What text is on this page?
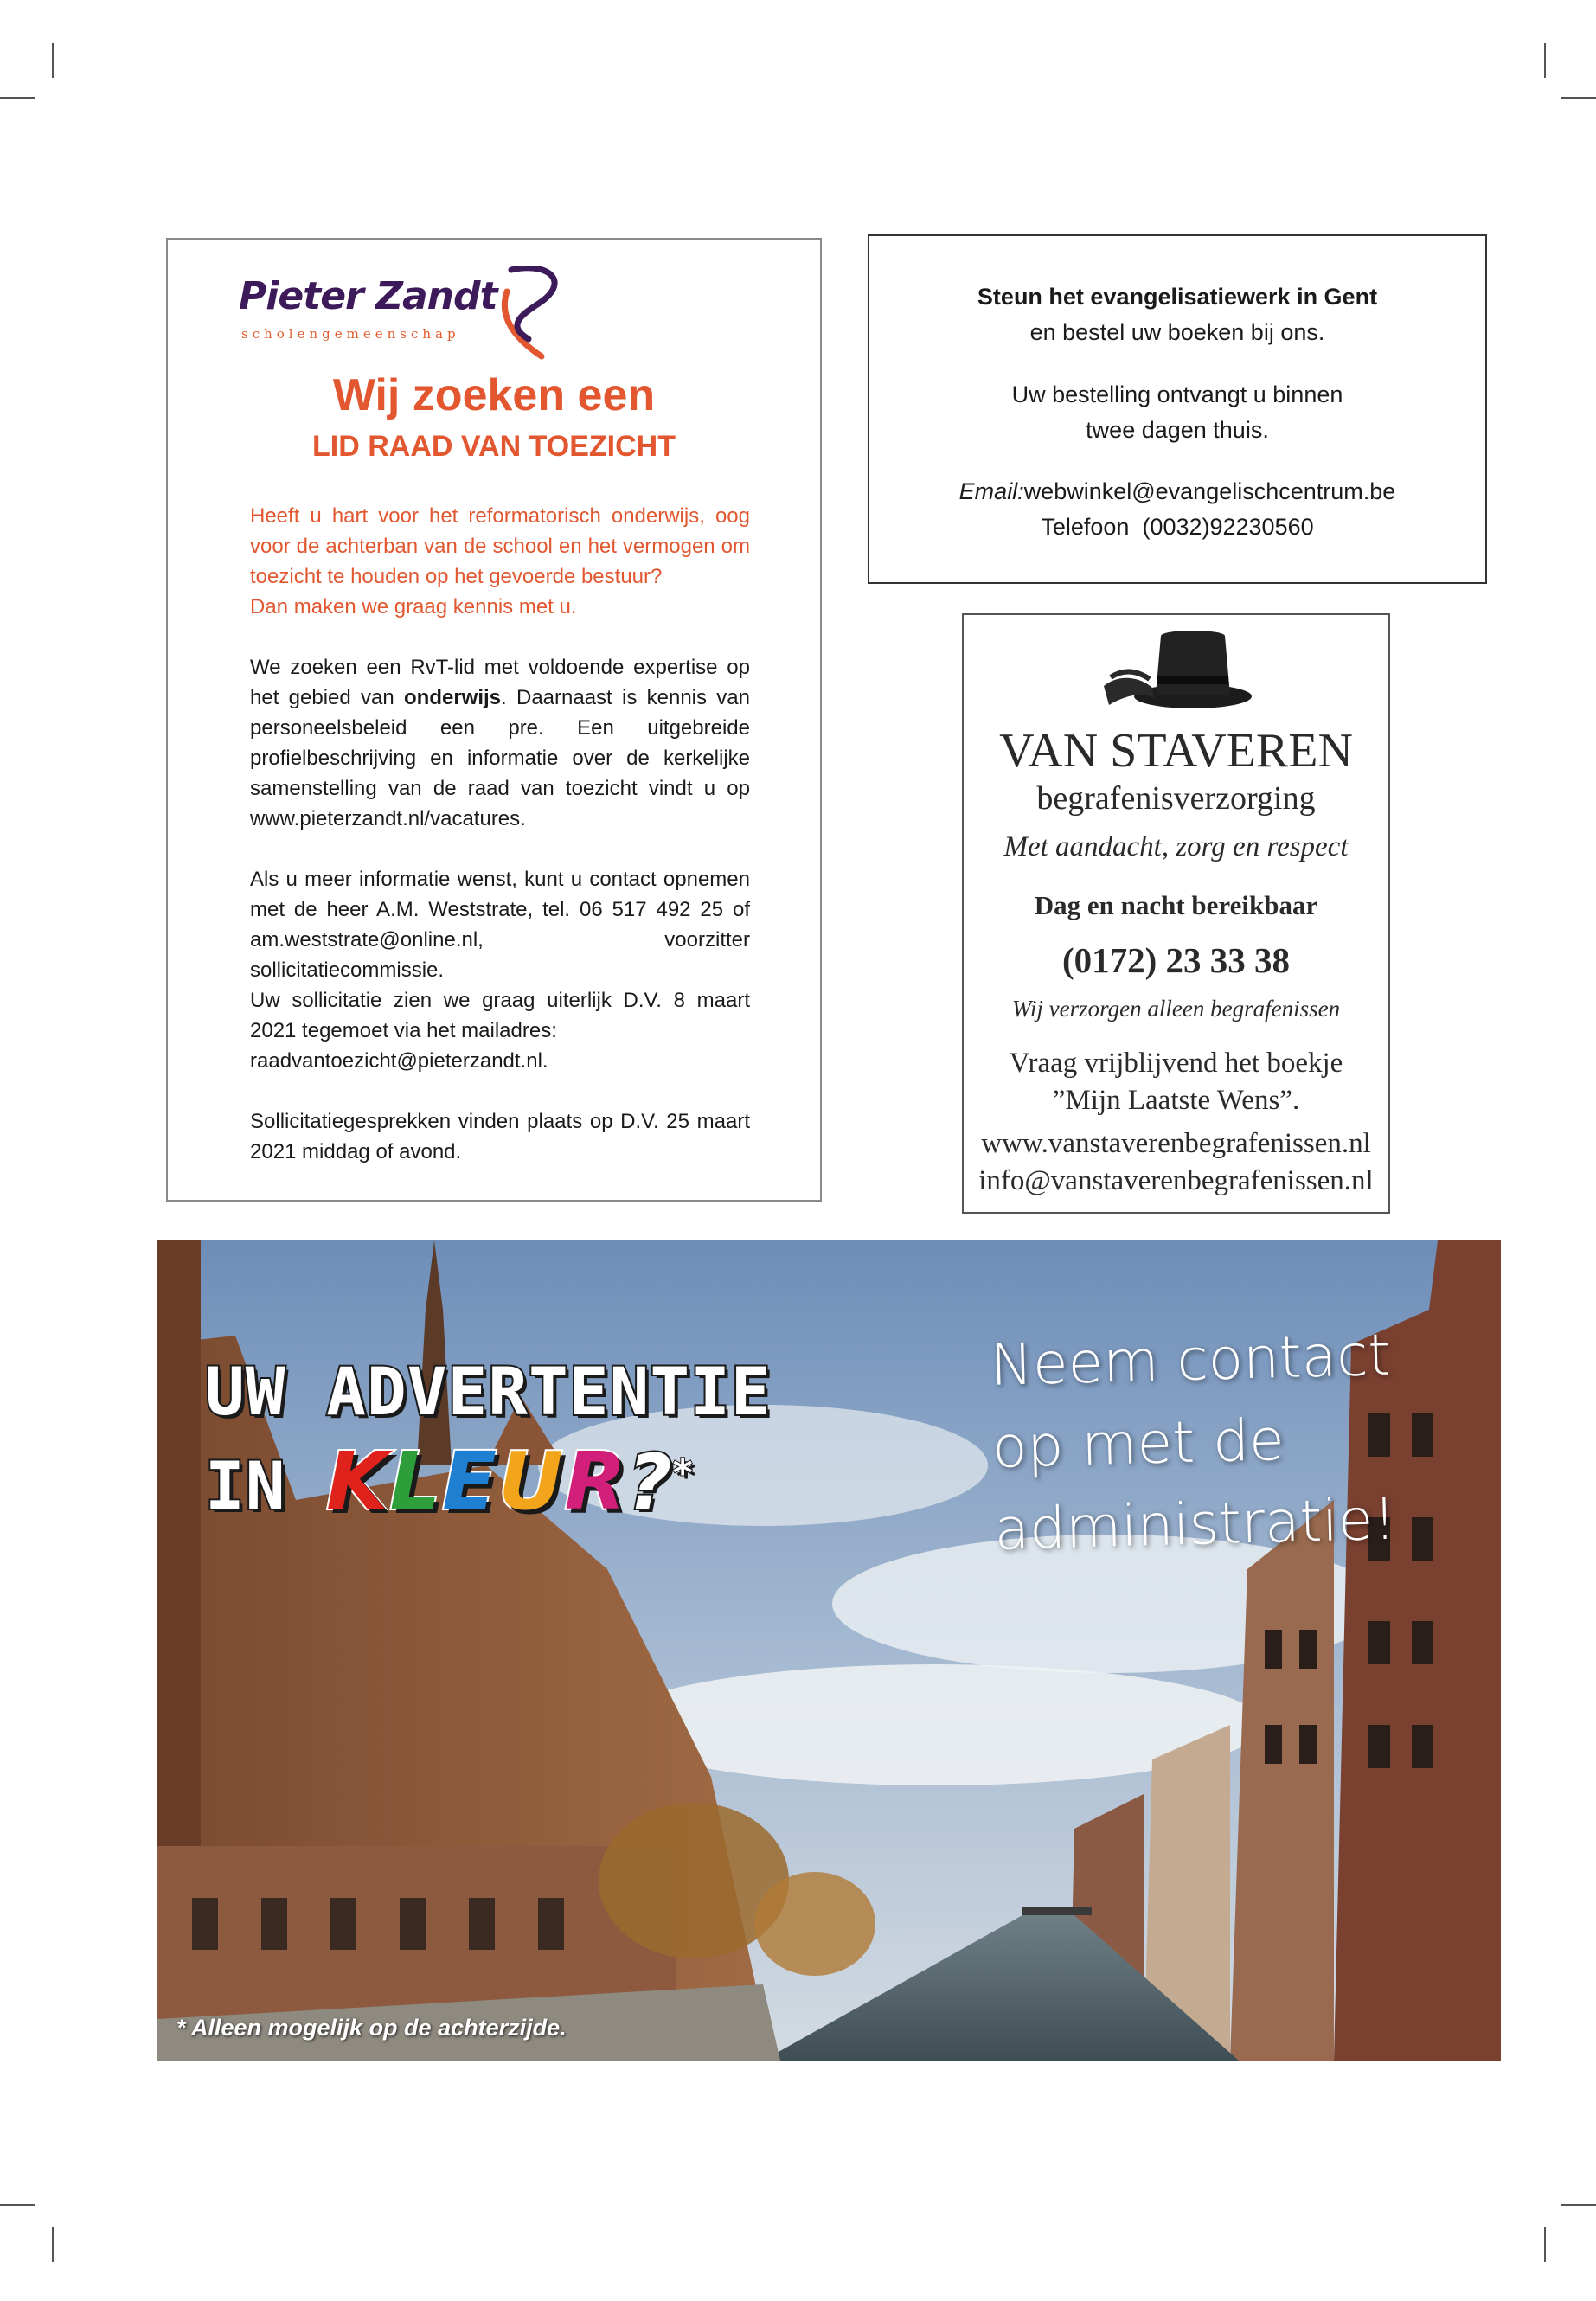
Pieter Zandt
scholengemeenschap
Wij zoeken een
LID RAAD VAN TOEZICHT

Heeft u hart voor het reformatorisch onderwijs, oog voor de achterban van de school en het vermogen om toezicht te houden op het gevoerde bestuur?
Dan maken we graag kennis met u.

We zoeken een RvT-lid met voldoende expertise op het gebied van onderwijs. Daarnaast is kennis van personeelsbeleid een pre. Een uitgebreide profielbeschrijving en informatie over de kerkelijke samenstelling van de raad van toezicht vindt u op www.pieterzandt.nl/vacatures.

Als u meer informatie wenst, kunt u contact opnemen met de heer A.M. Weststrate, tel. 06 517 492 25 of am.weststrate@online.nl, voorzitter sollicitatiecommissie.
Uw sollicitatie zien we graag uiterlijk D.V. 8 maart 2021 tegemoet via het mailadres:
raadvantoezicht@pieterzandt.nl.

Sollicitatiegesprekken vinden plaats op D.V. 25 maart 2021 middag of avond.

Steun het evangelisatiewerk in Gent
en bestel uw boeken bij ons.
Uw bestelling ontvangt u binnen
twee dagen thuis.
Email:webwinkel@evangelischcentrum.be
Telefoon  (0032)92230560
VAN STAVEREN
begrafenisverzorging
Met aandacht, zorg en respect
Dag en nacht bereikbaar
(0172) 23 33 38
Wij verzorgen alleen begrafenissen
Vraag vrijblijvend het boekje
”Mijn Laatste Wens”.
www.vanstaverenbegrafenissen.nl
info@vanstaverenbegrafenissen.nl
UW ADVERTENTIE
IN KLEUR?*
Neem contact
op met de
administratie!
* Alleen mogelijk op de achterzijde.
